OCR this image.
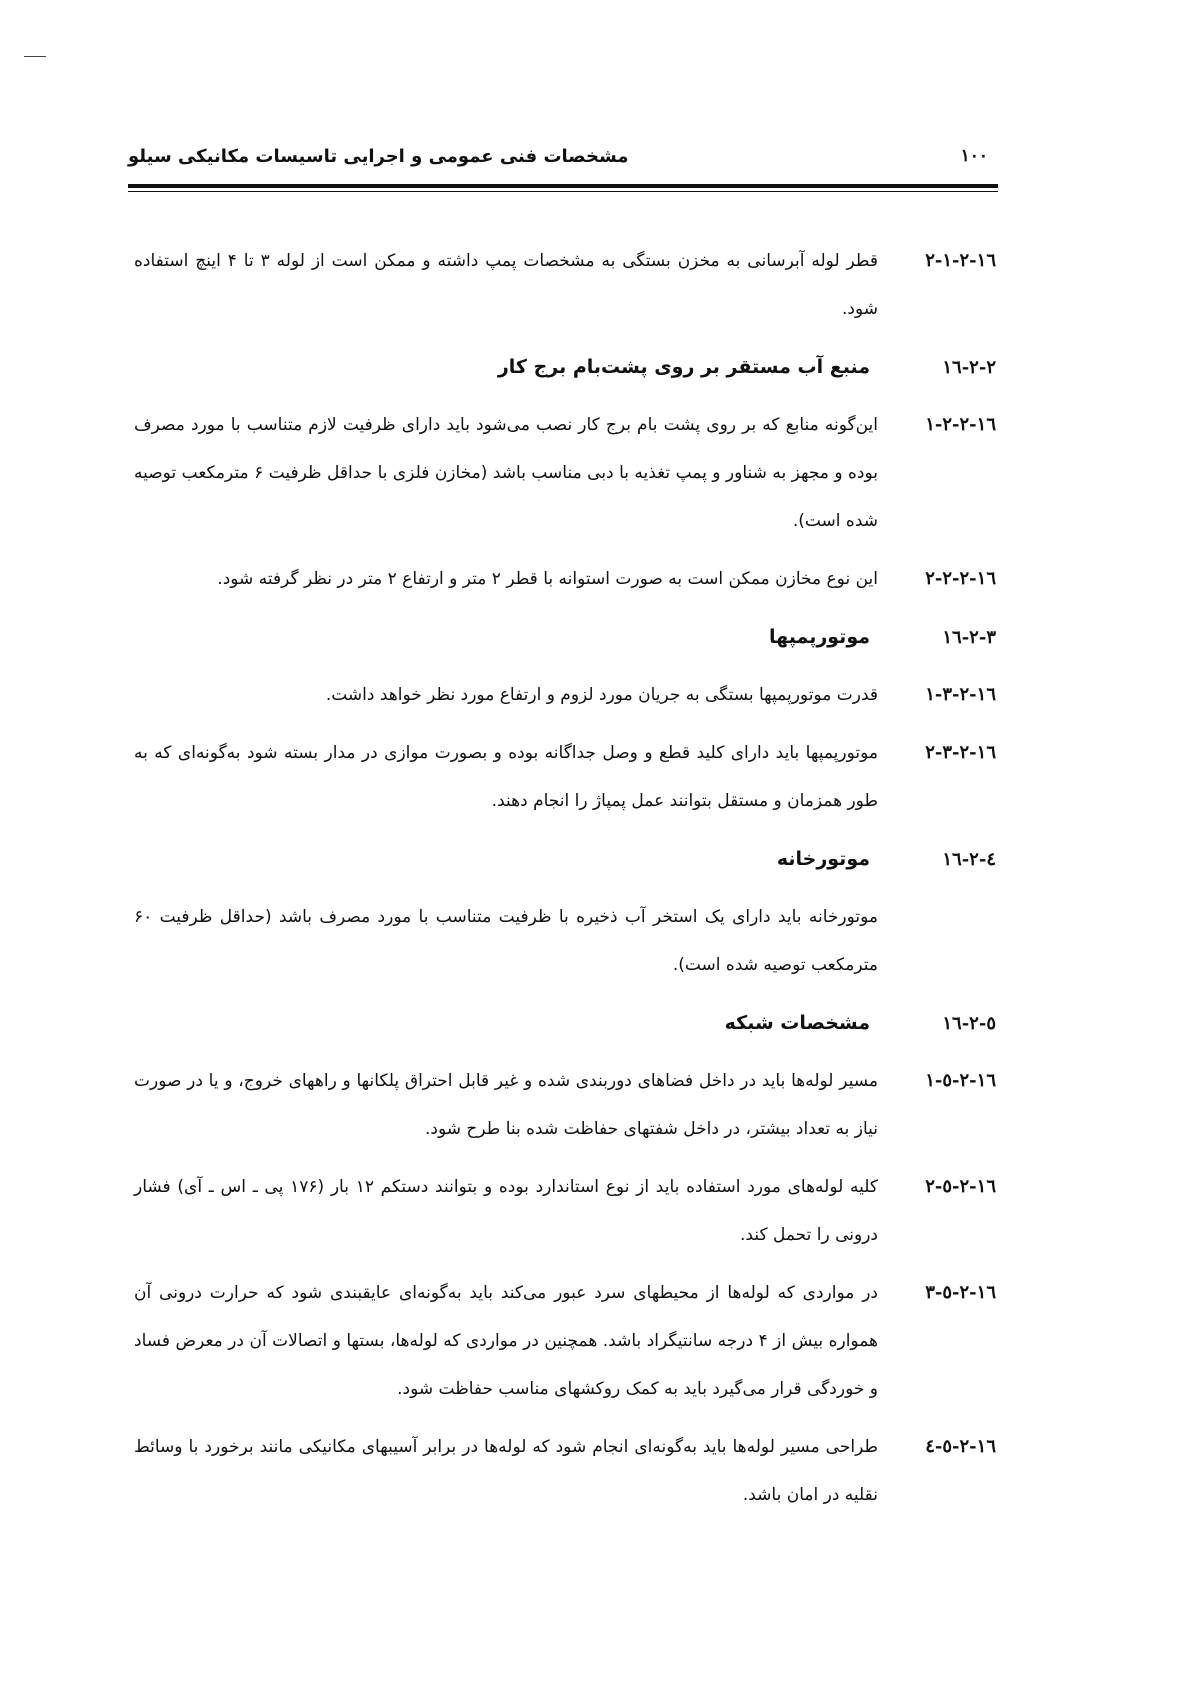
۱۰۰
مشخصات فنی عمومی و اجرایی تاسیسات مکانیکی سیلو
١٦-٢-١-٢
قطر لوله آبرسانی به مخزن بستگی به مشخصات پمپ داشته و ممکن است از لوله ۳ تا ۴ اینچ استفاده شود.
٢-٢-١٦
منبع آب مستقر بر روی پشت‌بام برج کار
١٦-٢-٢-١
این‌گونه منابع که بر روی پشت بام برج کار نصب می‌شود باید دارای ظرفیت لازم متناسب با مورد مصرف بوده و مجهز به شناور و پمپ تغذیه با دبی مناسب باشد (مخازن فلزی با حداقل ظرفیت ۶ مترمکعب توصیه شده است).
١٦-٢-٢-٢
این نوع مخازن ممکن است به صورت استوانه با قطر ۲ متر و ارتفاع ۲ متر در نظر گرفته شود.
٣-٢-١٦
موتورپمپها
١٦-٢-٣-١
قدرت موتورپمپها بستگی به جریان مورد لزوم و ارتفاع مورد نظر خواهد داشت.
١٦-٢-٣-٢
موتورپمپها باید دارای کلید قطع و وصل جداگانه بوده و بصورت موازی در مدار بسته شود به‌گونه‌ای که به طور همزمان و مستقل بتوانند عمل پمپاژ را انجام دهند.
٤-٢-١٦
موتورخانه
موتورخانه باید دارای یک استخر آب ذخیره با ظرفیت متناسب با مورد مصرف باشد (حداقل ظرفیت ۶۰ مترمکعب توصیه شده است).
٥-٢-١٦
مشخصات شبکه
١٦-٢-٥-١
مسیر لوله‌ها باید در داخل فضاهای دوربندی شده و غیر قابل احتراق پلکانها و راههای خروج، و یا در صورت نیاز به تعداد بیشتر، در داخل شفتهای حفاظت شده بنا طرح شود.
١٦-٢-٥-٢
کلیه لوله‌های مورد استفاده باید از نوع استاندارد بوده و بتوانند دستکم ۱۲ بار (۱۷۶ پی ـ اس ـ آی) فشار درونی را تحمل کند.
١٦-٢-٥-٣
در مواردی که لوله‌ها از محیطهای سرد عبور می‌کند باید به‌گونه‌ای عایقبندی شود که حرارت درونی آن همواره بیش از ۴ درجه سانتیگراد باشد. همچنین در مواردی که لوله‌ها، بستها و اتصالات آن در معرض فساد و خوردگی قرار می‌گیرد باید به کمک روکشهای مناسب حفاظت شود.
١٦-٢-٥-٤
طراحی مسیر لوله‌ها باید به‌گونه‌ای انجام شود که لوله‌ها در برابر آسیبهای مکانیکی مانند برخورد با وسائط نقلیه در امان باشد.
